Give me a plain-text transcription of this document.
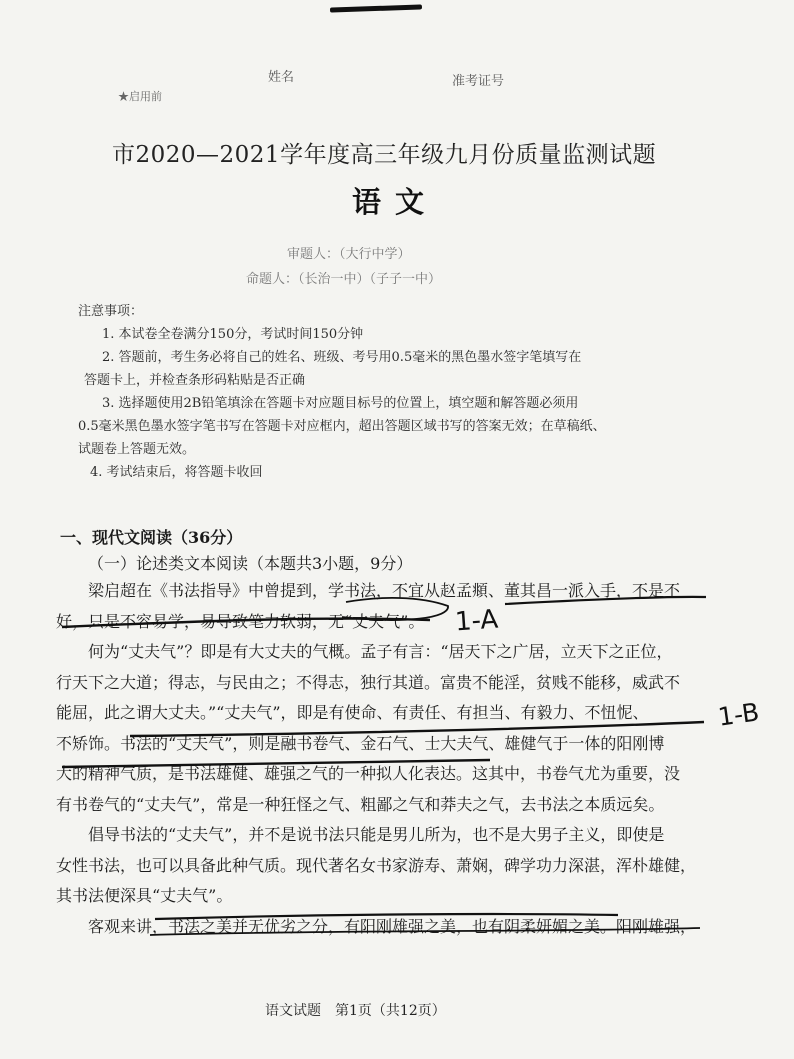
★启用前
姓名	准考证号
市2020—2021学年度高三年级九月份质量监测试题
语文
审题人：（大行中学）
命题人：（长治一中）（子子一中）
注意事项：
1. 本试卷全卷满分150分，考试时间150分钟
2. 答题前，考生务必将自己的姓名、班级、考号用0.5毫米的黑色墨水签字笔填写在
答题卡上，并检查条形码粘贴是否正确
3. 选择题使用2B铅笔填涂在答题卡对应题目标号的位置上，填空题和解答题必须用
0.5毫米黑色墨水签字笔书写在答题卡对应框内，超出答题区域书写的答案无效；在草稿纸、
试题卷上答题无效。
4. 考试结束后，将答题卡收回
一、现代文阅读（36分）
（一）论述类文本阅读（本题共3小题，9分）
梁启超在《书法指导》中曾提到，学书法，不宜从赵孟頫、董其昌一派入手，不是不
好，只是不容易学，易导致笔力软弱，无“丈夫气”。
何为“丈夫气”？即是有大丈夫的气概。孟子有言：“居天下之广居，立天下之正位，
行天下之大道；得志，与民由之；不得志，独行其道。富贵不能淫，贫贱不能移，威武不
能屈，此之谓大丈夫。”“丈夫气”，即是有使命、有责任、有担当、有毅力、不忸怩、
不矫饰。书法的“丈夫气”，则是融书卷气、金石气、士大夫气、雄健气于一体的阳刚博
大的精神气质，是书法雄健、雄强之气的一种拟人化表达。这其中，书卷气尤为重要，没
有书卷气的“丈夫气”，常是一种狂怪之气、粗鄙之气和莽夫之气，去书法之本质远矣。
倡导书法的“丈夫气”，并不是说书法只能是男儿所为，也不是大男子主义，即使是
女性书法，也可以具备此种气质。现代著名女书家游寿、萧娴，碑学功力深湛，浑朴雄健，
其书法便深具“丈夫气”。
客观来讲，书法之美并无优劣之分，有阳刚雄强之美，也有阴柔妍媚之美。阳刚雄强，
1-A
1-B
语文试题　第1页（共12页）
